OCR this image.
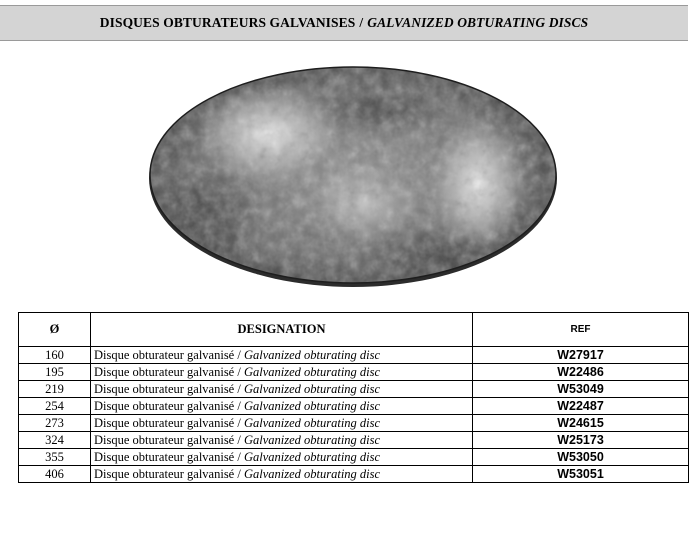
DISQUES OBTURATEURS GALVANISES / GALVANIZED OBTURATING DISCS
Ø	DESIGNATION	REF
160	Disque obturateur galvanisé / Galvanized obturating disc	W27917
195	Disque obturateur galvanisé / Galvanized obturating disc	W22486
219	Disque obturateur galvanisé / Galvanized obturating disc	W53049
254	Disque obturateur galvanisé / Galvanized obturating disc	W22487
273	Disque obturateur galvanisé / Galvanized obturating disc	W24615
324	Disque obturateur galvanisé / Galvanized obturating disc	W25173
355	Disque obturateur galvanisé / Galvanized obturating disc	W53050
406	Disque obturateur galvanisé / Galvanized obturating disc	W53051
